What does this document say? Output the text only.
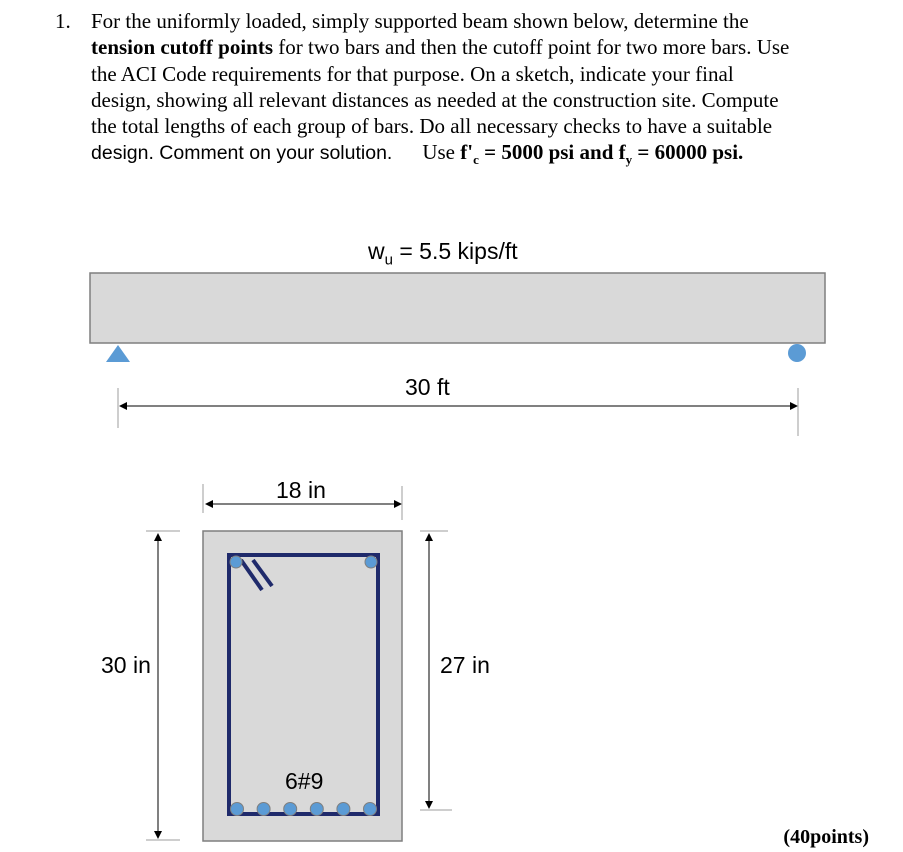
1. For the uniformly loaded, simply supported beam shown below, determine the
tension cutoff points for two bars and then the cutoff point for two more bars. Use
the ACI Code requirements for that purpose. On a sketch, indicate your final
design, showing all relevant distances as needed at the construction site. Compute
the total lengths of each group of bars. Do all necessary checks to have a suitable
design. Comment on your solution. Use $f'_c = 5000$ psi and $f_y = 60000$ psi.
$w_u = 5.5$ kips/ft
30 ft
18 in
30 in	27 in
6#9
(40points)
